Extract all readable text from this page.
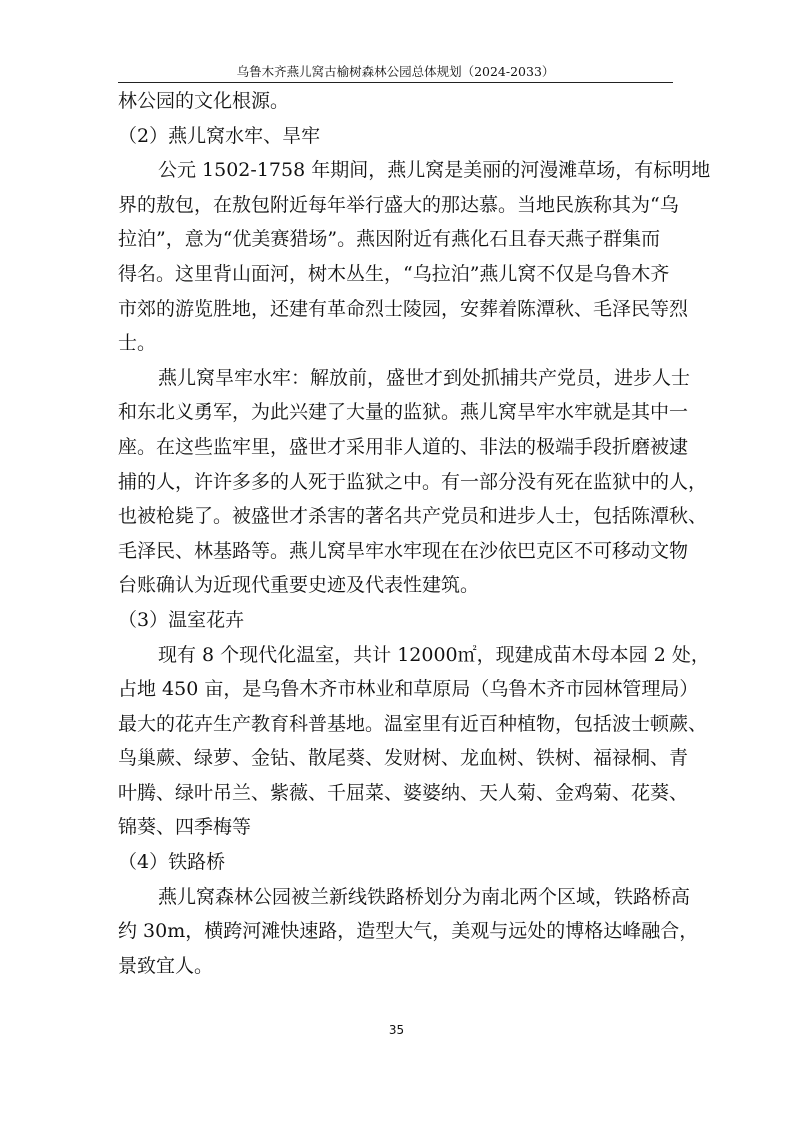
乌鲁木齐燕儿窝古榆树森林公园总体规划（2024-2033）
林公园的文化根源。
（2）燕儿窝水牢、旱牢
公元 1502-1758 年期间，燕儿窝是美丽的河漫滩草场，有标明地
界的敖包，在敖包附近每年举行盛大的那达慕。当地民族称其为“乌
拉泊”，意为“优美赛猎场”。燕因附近有燕化石且春天燕子群集而
得名。这里背山面河，树木丛生，“乌拉泊”燕儿窝不仅是乌鲁木齐
市郊的游览胜地，还建有革命烈士陵园，安葬着陈潭秋、毛泽民等烈
士。
燕儿窝旱牢水牢：解放前，盛世才到处抓捕共产党员，进步人士
和东北义勇军，为此兴建了大量的监狱。燕儿窝旱牢水牢就是其中一
座。在这些监牢里，盛世才采用非人道的、非法的极端手段折磨被逮
捕的人，许许多多的人死于监狱之中。有一部分没有死在监狱中的人，
也被枪毙了。被盛世才杀害的著名共产党员和进步人士，包括陈潭秋、
毛泽民、林基路等。燕儿窝旱牢水牢现在在沙依巴克区不可移动文物
台账确认为近现代重要史迹及代表性建筑。
（3）温室花卉
现有 8 个现代化温室，共计 12000㎡，现建成苗木母本园 2 处，
占地 450 亩，是乌鲁木齐市林业和草原局（乌鲁木齐市园林管理局）
最大的花卉生产教育科普基地。温室里有近百种植物，包括波士顿蕨、
鸟巢蕨、绿萝、金钻、散尾葵、发财树、龙血树、铁树、福禄桐、青
叶腾、绿叶吊兰、紫薇、千屈菜、婆婆纳、天人菊、金鸡菊、花葵、
锦葵、四季梅等
（4）铁路桥
燕儿窝森林公园被兰新线铁路桥划分为南北两个区域，铁路桥高
约 30m，横跨河滩快速路，造型大气，美观与远处的博格达峰融合，
景致宜人。
35
